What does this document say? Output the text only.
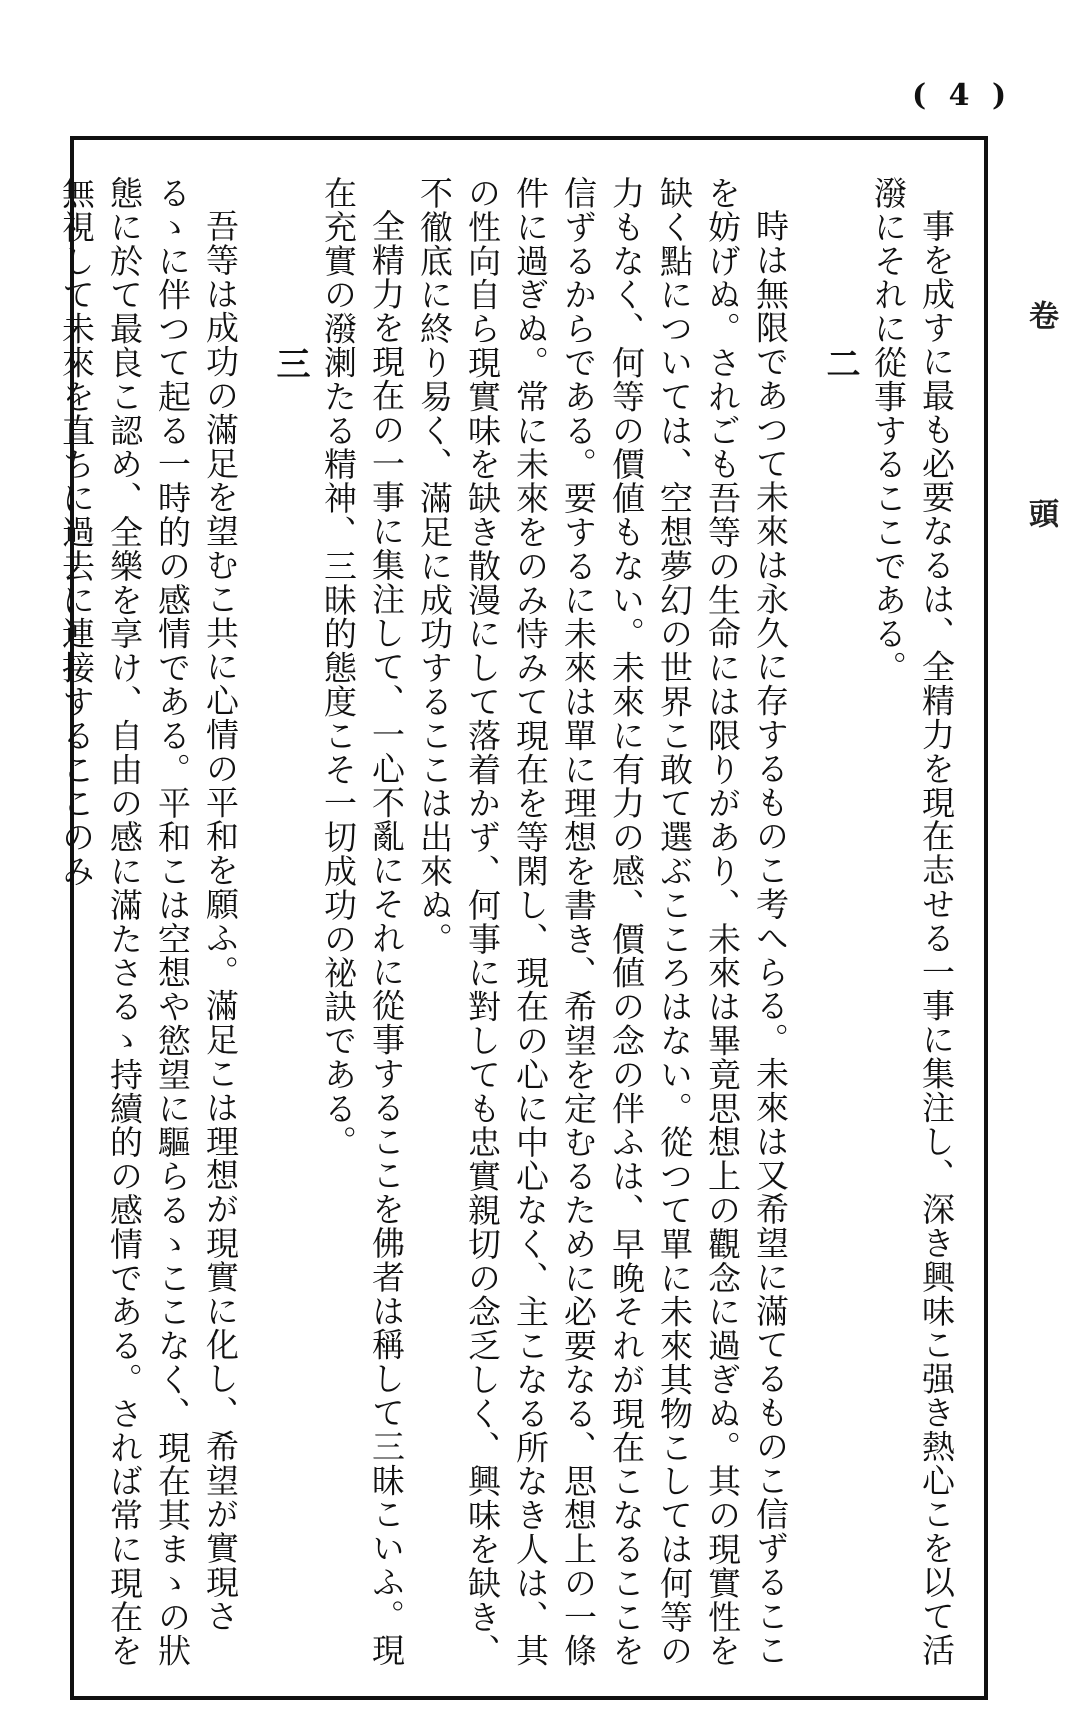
( 4 )
卷頭

事を成すに最も必要なるは、全精力を現在志せる一事に集注し、深き興味こ强き熱心こを以て活潑にそれに從事するここである。

二

時は無限であつて未來は永久に存するものこ考へらる。未來は又希望に滿てるものこ信ずるここを妨げぬ。されごも吾等の生命には限りがあり、未來は畢竟思想上の觀念に過ぎぬ。其の現實性を缺く點については、空想夢幻の世界こ敢て選ぶこころはない。從つて單に未來其物こしては何等の力もなく、何等の價値もない。未來に有力の感、價値の念の伴ふは、早晚それが現在こなるここを信ずるからである。要するに未來は單に理想を書き、希望を定むるために必要なる、思想上の一條件に過ぎぬ。常に未來をのみ恃みて現在を等閑し、現在の心に中心なく、主こなる所なき人は、其の性向自ら現實味を缺き散漫にして落着かず、何事に對しても忠實親切の念乏しく、興味を缺き、不徹底に終り易く、滿足に成功するここは出來ぬ。

全精力を現在の一事に集注して、一心不亂にそれに從事するここを佛者は稱して三昧こいふ。現在充實の潑溂たる精神、三昧的態度こそ一切成功の祕訣である。

三

吾等は成功の滿足を望むこ共に心情の平和を願ふ。滿足こは理想が現實に化し、希望が實現さるゝに伴つて起る一時的の感情である。平和こは空想や慾望に驅らるゝここなく、現在其まゝの狀態に於て最良こ認め、全樂を享け、自由の感に滿たさるゝ持續的の感情である。されば常に現在を無視して未來を直ちに過去に連接するここのみ
